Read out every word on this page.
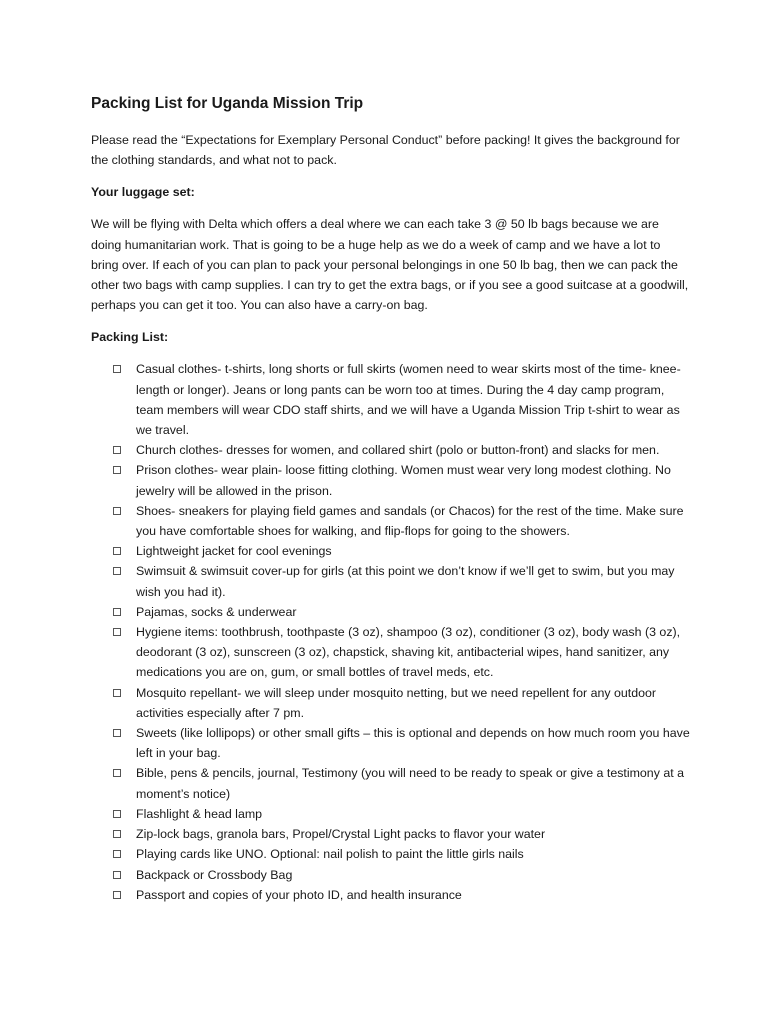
Packing List for Uganda Mission Trip

Please read the “Expectations for Exemplary Personal Conduct” before packing! It gives the background for the clothing standards, and what not to pack.

Your luggage set:

We will be flying with Delta which offers a deal where we can each take 3 @ 50 lb bags because we are doing humanitarian work. That is going to be a huge help as we do a week of camp and we have a lot to bring over. If each of you can plan to pack your personal belongings in one 50 lb bag, then we can pack the other two bags with camp supplies. I can try to get the extra bags, or if you see a good suitcase at a goodwill, perhaps you can get it too. You can also have a carry-on bag.

Packing List:
Casual clothes- t-shirts, long shorts or full skirts (women need to wear skirts most of the time- knee-length or longer). Jeans or long pants can be worn too at times. During the 4 day camp program, team members will wear CDO staff shirts, and we will have a Uganda Mission Trip t-shirt to wear as we travel.
Church clothes- dresses for women, and collared shirt (polo or button-front) and slacks for men.
Prison clothes- wear plain- loose fitting clothing. Women must wear very long modest clothing. No jewelry will be allowed in the prison.
Shoes- sneakers for playing field games and sandals (or Chacos) for the rest of the time. Make sure you have comfortable shoes for walking, and flip-flops for going to the showers.
Lightweight jacket for cool evenings
Swimsuit & swimsuit cover-up for girls (at this point we don’t know if we’ll get to swim, but you may wish you had it).
Pajamas, socks & underwear
Hygiene items: toothbrush, toothpaste (3 oz), shampoo (3 oz), conditioner (3 oz), body wash (3 oz), deodorant (3 oz), sunscreen (3 oz), chapstick, shaving kit, antibacterial wipes, hand sanitizer, any medications you are on, gum, or small bottles of travel meds, etc.
Mosquito repellant- we will sleep under mosquito netting, but we need repellent for any outdoor activities especially after 7 pm.
Sweets (like lollipops) or other small gifts – this is optional and depends on how much room you have left in your bag.
Bible, pens & pencils, journal, Testimony (you will need to be ready to speak or give a testimony at a moment’s notice)
Flashlight & head lamp
Zip-lock bags, granola bars, Propel/Crystal Light packs to flavor your water
Playing cards like UNO. Optional: nail polish to paint the little girls nails
Backpack or Crossbody Bag
Passport and copies of your photo ID, and health insurance
